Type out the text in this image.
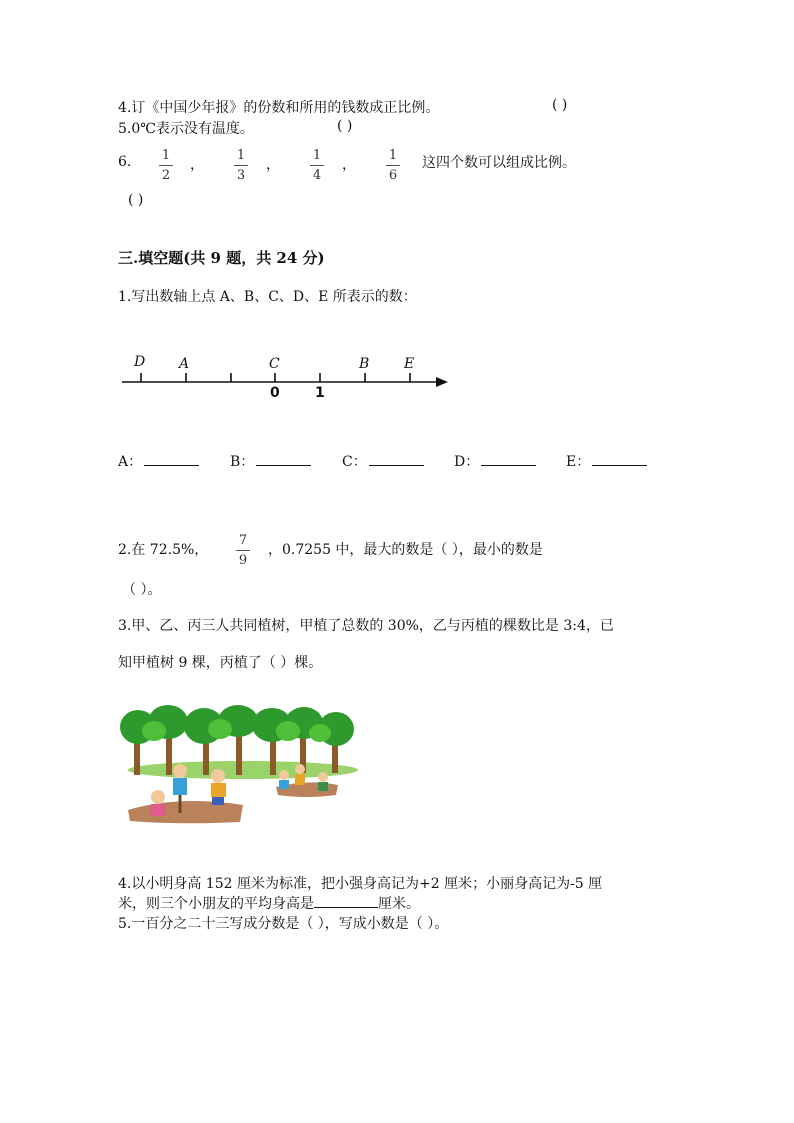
4.订《中国少年报》的份数和所用的钱数成正比例。	( )
5.0℃表示没有温度。	( )
6.	1
2
，
1
3
，
1
4
，
1
6
这四个数可以组成比例。
( )
三.填空题(共 9 题，共 24 分)
1.写出数轴上点 A、B、C、D、E 所表示的数：
D A	C	B E
0	1
A：	B：	C：	D：	E：
2.在 72.5%，
7
9
，0.7255 中，最大的数是（ ），最小的数是
（ ）。
3.甲、乙、丙三人共同植树，甲植了总数的 30%，乙与丙植的棵数比是 3:4，已
知甲植树 9 棵，丙植了（ ）棵。
4.以小明身高 152 厘米为标准，把小强身高记为+2 厘米；小丽身高记为-5 厘
米，则三个小朋友的平均身高是	厘米。
5.一百分之二十三写成分数是（ ），写成小数是（ ）。
